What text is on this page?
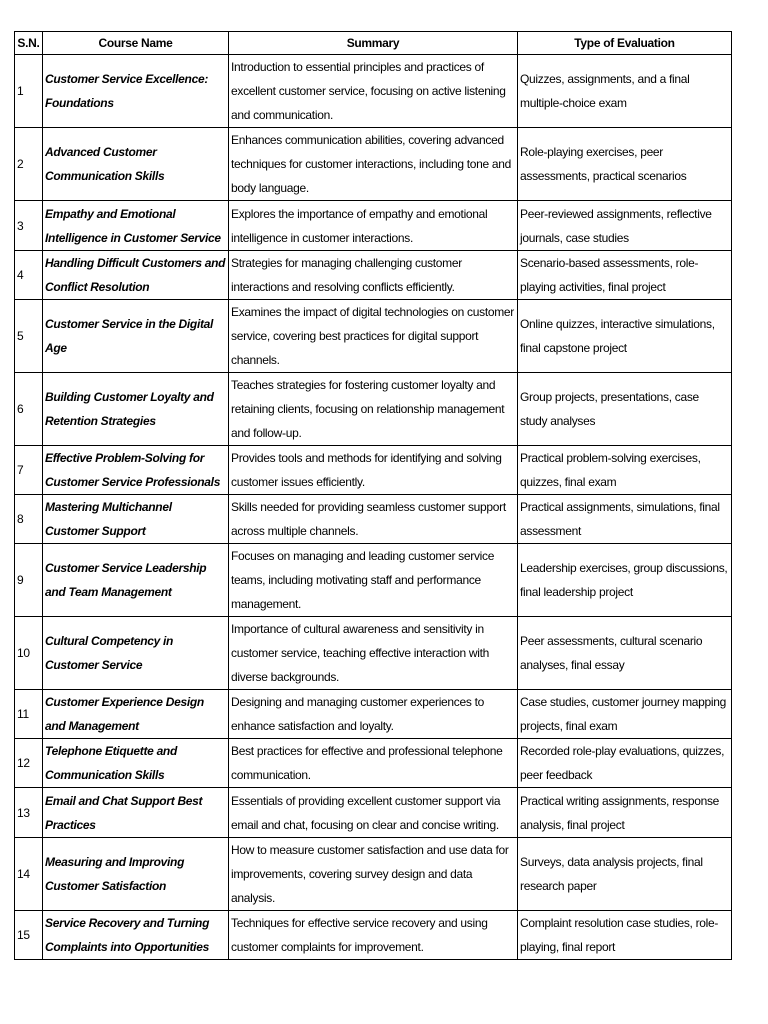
S.N.	Course Name	Summary	Type of Evaluation
1	Customer Service Excellence: Foundations	Introduction to essential principles and practices of excellent customer service, focusing on active listening and communication.	Quizzes, assignments, and a final multiple-choice exam
2	Advanced Customer Communication Skills	Enhances communication abilities, covering advanced techniques for customer interactions, including tone and body language.	Role-playing exercises, peer assessments, practical scenarios
3	Empathy and Emotional Intelligence in Customer Service	Explores the importance of empathy and emotional intelligence in customer interactions.	Peer-reviewed assignments, reflective journals, case studies
4	Handling Difficult Customers and Conflict Resolution	Strategies for managing challenging customer interactions and resolving conflicts efficiently.	Scenario-based assessments, role-playing activities, final project
5	Customer Service in the Digital Age	Examines the impact of digital technologies on customer service, covering best practices for digital support channels.	Online quizzes, interactive simulations, final capstone project
6	Building Customer Loyalty and Retention Strategies	Teaches strategies for fostering customer loyalty and retaining clients, focusing on relationship management and follow-up.	Group projects, presentations, case study analyses
7	Effective Problem-Solving for Customer Service Professionals	Provides tools and methods for identifying and solving customer issues efficiently.	Practical problem-solving exercises, quizzes, final exam
8	Mastering Multichannel Customer Support	Skills needed for providing seamless customer support across multiple channels.	Practical assignments, simulations, final assessment
9	Customer Service Leadership and Team Management	Focuses on managing and leading customer service teams, including motivating staff and performance management.	Leadership exercises, group discussions, final leadership project
10	Cultural Competency in Customer Service	Importance of cultural awareness and sensitivity in customer service, teaching effective interaction with diverse backgrounds.	Peer assessments, cultural scenario analyses, final essay
11	Customer Experience Design and Management	Designing and managing customer experiences to enhance satisfaction and loyalty.	Case studies, customer journey mapping projects, final exam
12	Telephone Etiquette and Communication Skills	Best practices for effective and professional telephone communication.	Recorded role-play evaluations, quizzes, peer feedback
13	Email and Chat Support Best Practices	Essentials of providing excellent customer support via email and chat, focusing on clear and concise writing.	Practical writing assignments, response analysis, final project
14	Measuring and Improving Customer Satisfaction	How to measure customer satisfaction and use data for improvements, covering survey design and data analysis.	Surveys, data analysis projects, final research paper
15	Service Recovery and Turning Complaints into Opportunities	Techniques for effective service recovery and using customer complaints for improvement.	Complaint resolution case studies, role-playing, final report
